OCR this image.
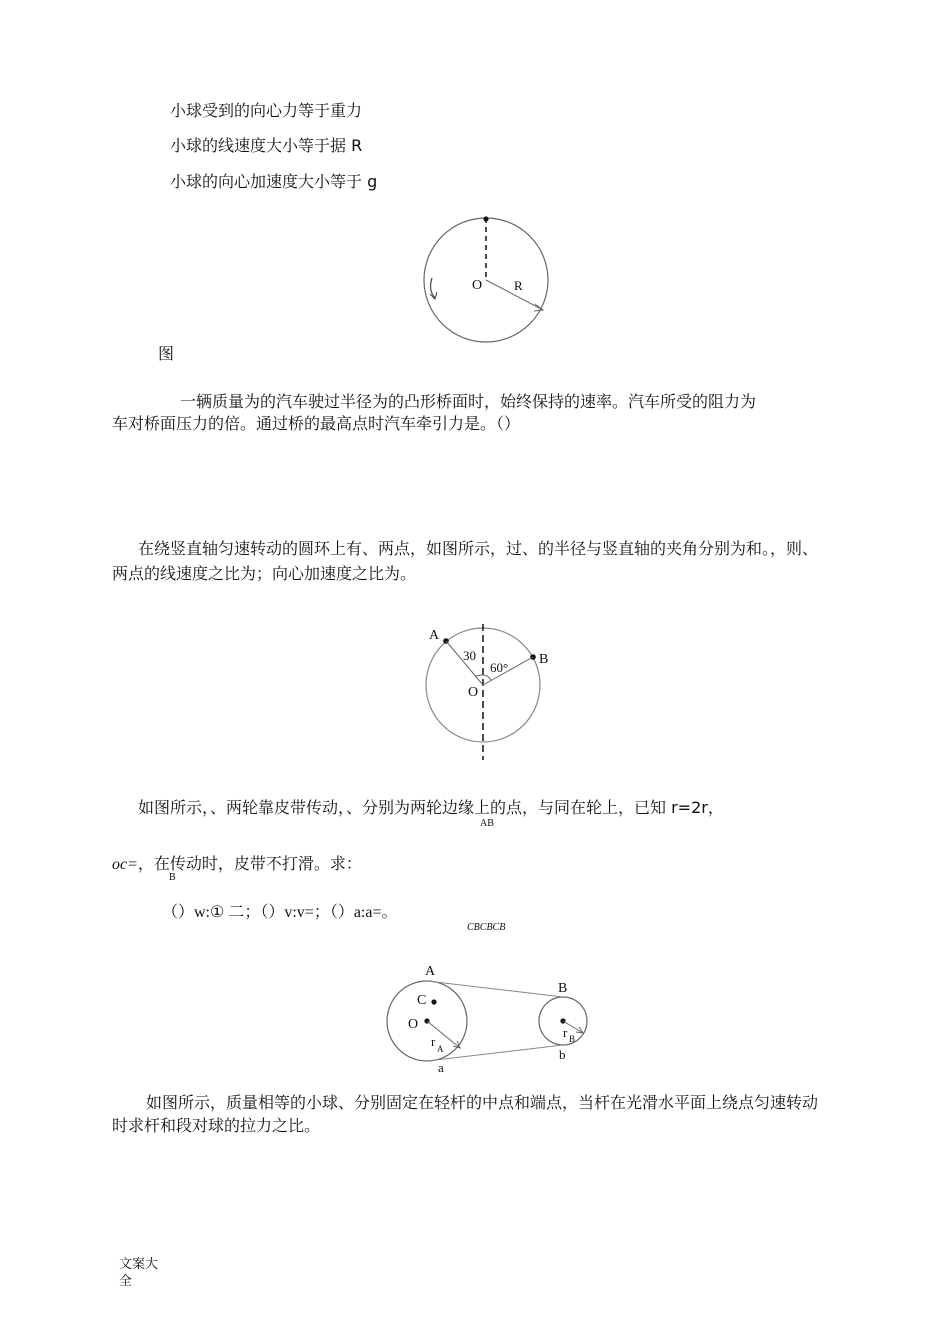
小球受到的向心力等于重力
小球的线速度大小等于据 R
小球的向心加速度大小等于 g
O R
图
一辆质量为的汽车驶过半径为的凸形桥面时，始终保持的速率。汽车所受的阻力为
车对桥面压力的倍。通过桥的最高点时汽车牵引力是。（）
在绕竖直轴匀速转动的圆环上有、两点，如图所示，过、的半径与竖直轴的夹角分别为和。，则、
两点的线速度之比为；向心加速度之比为。
A
B
O
30
60°
如图所示，、两轮靠皮带传动，、分别为两轮边缘上的点，与同在轮上，已知 r=2r，
AB
oc=，在传动时，皮带不打滑。求：
B
（）w:① 二；（）v:v=；（）a:a=。
CBCBCB
A
C
O
r A
a
B
r B
b
如图所示，质量相等的小球、分别固定在轻杆的中点和端点，当杆在光滑水平面上绕点匀速转动
时求杆和段对球的拉力之比。
文案大
全
